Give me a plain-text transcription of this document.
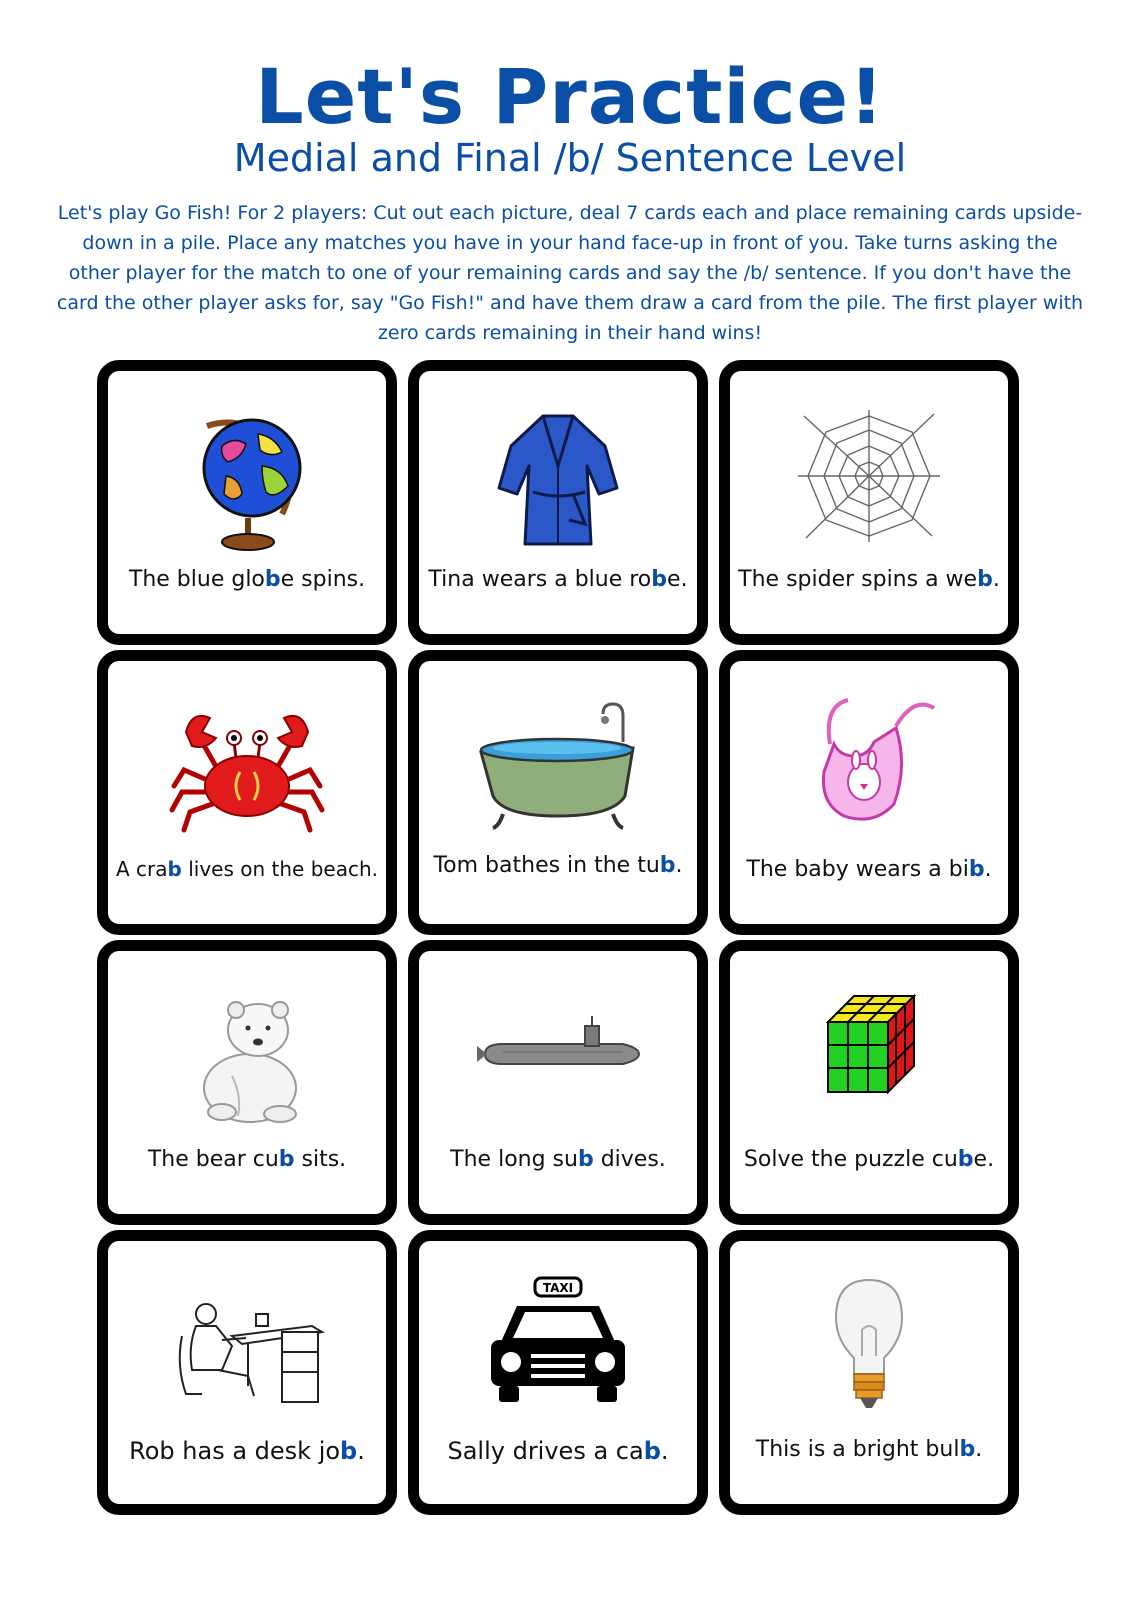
Let's Practice!
Medial and Final /b/ Sentence Level
Let's play Go Fish! For 2 players: Cut out each picture, deal 7 cards each and place remaining cards upside-down in a pile. Place any matches you have in your hand face-up in front of you. Take turns asking the other player for the match to one of your remaining cards and say the /b/ sentence. If you don't have the card the other player asks for, say "Go Fish!" and have them draw a card from the pile. The first player with zero cards remaining in their hand wins!
The blue globe spins.	Tina wears a blue robe.	The spider spins a web.
A crab lives on the beach.	Tom bathes in the tub.	The baby wears a bib.
The bear cub sits.	The long sub dives.	Solve the puzzle cube.
Rob has a desk job.
TAXI
Sally drives a cab.	This is a bright bulb.
